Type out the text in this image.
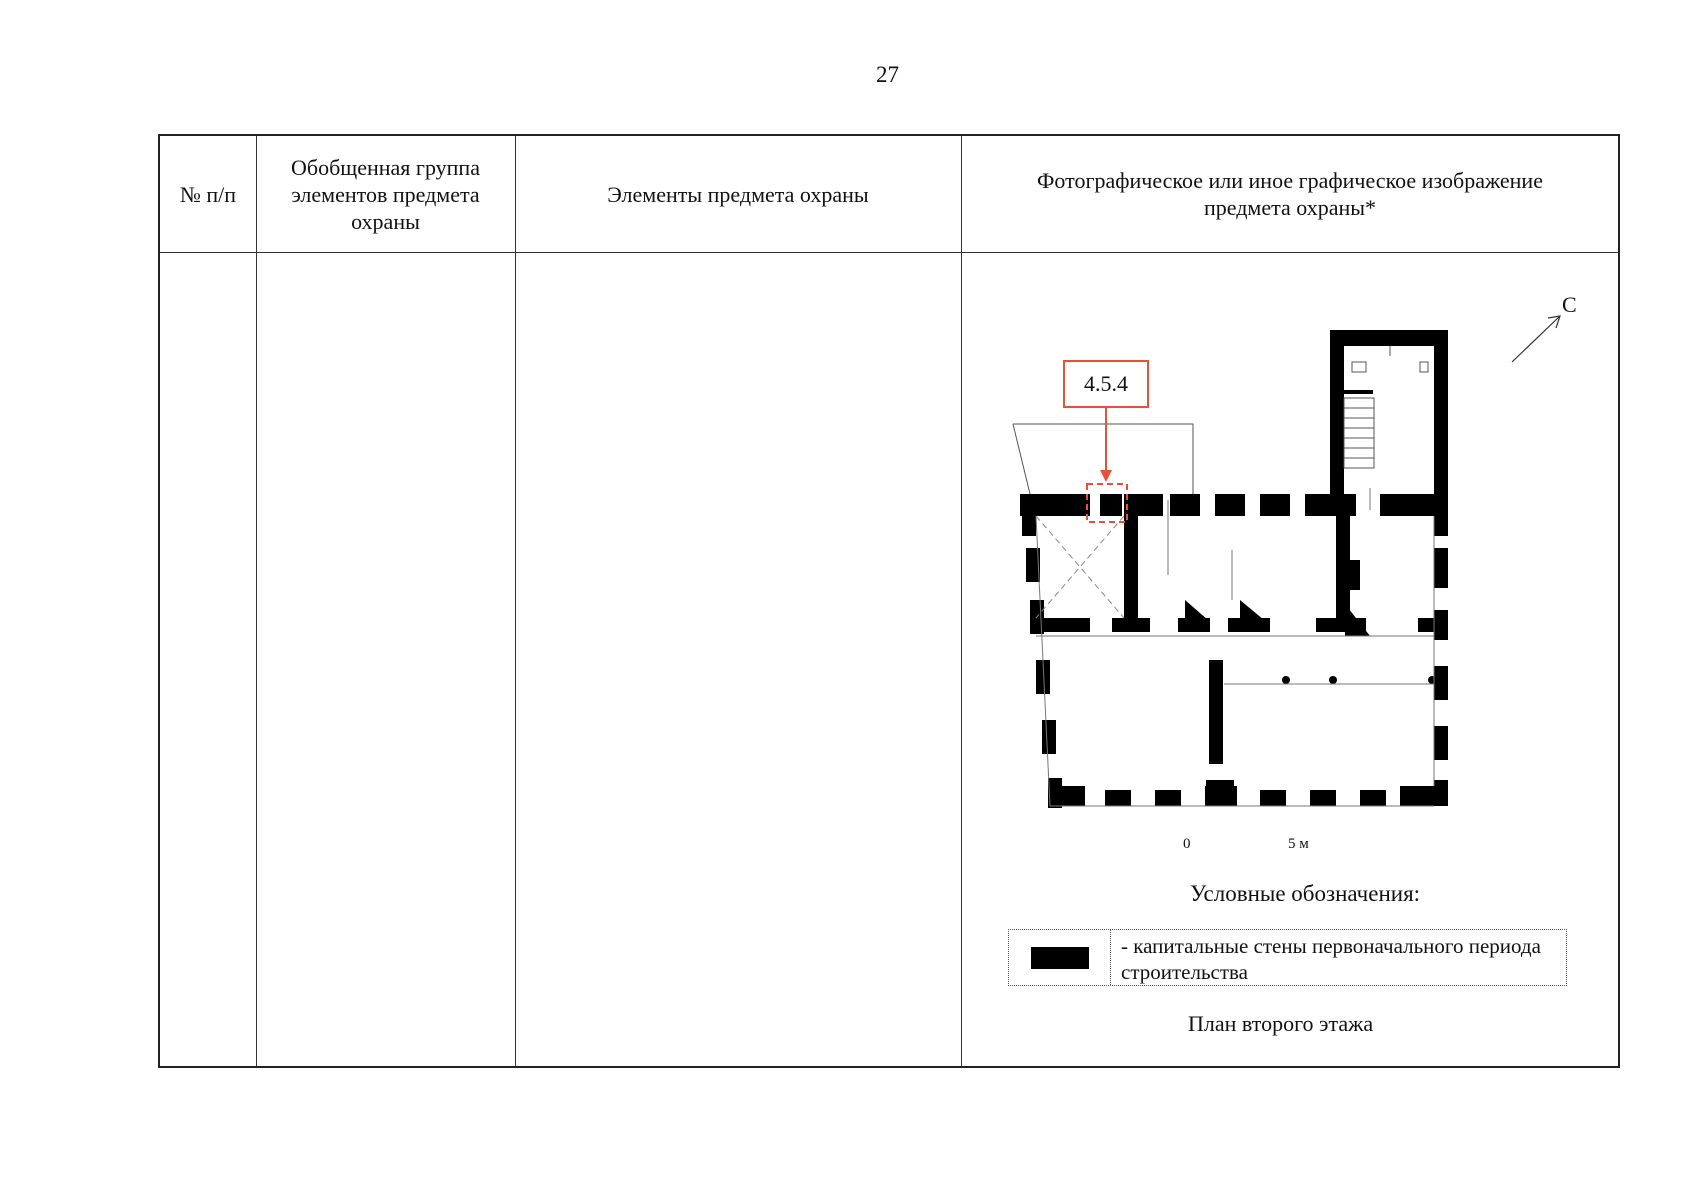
27
№ п/п
Обобщенная группа элементов предмета охраны
Элементы предмета охраны
Фотографическое или иное графическое изображение предмета охраны*
4.5.4
С
0	5 м
Условные обозначения:
- капитальные стены первоначального периода строительства
План второго этажа
